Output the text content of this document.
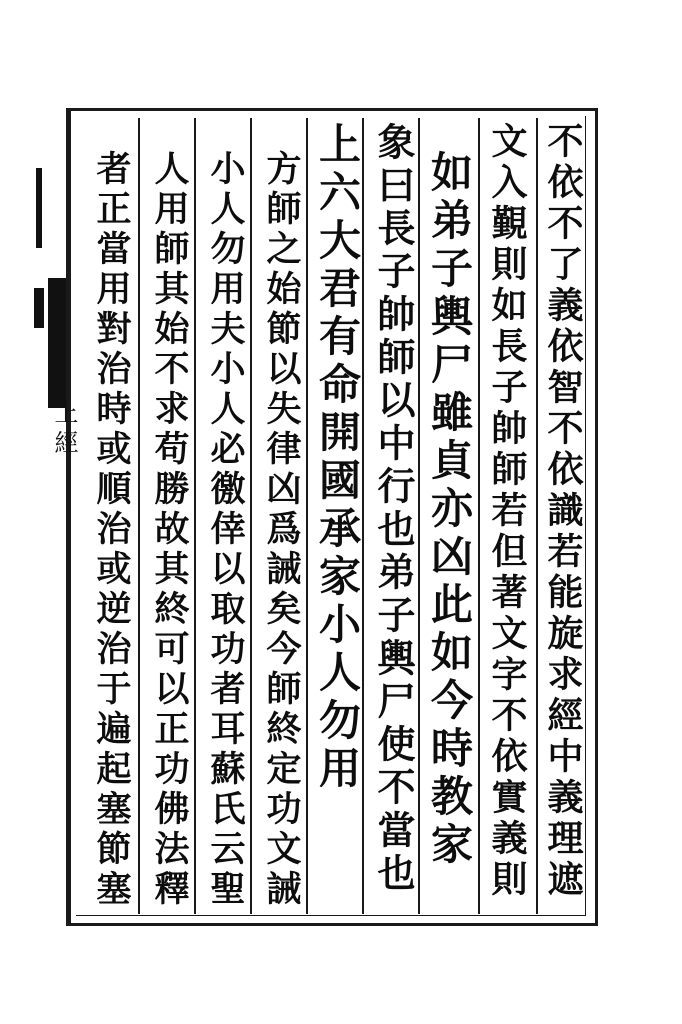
上經	不依不了義依智不依識若能旋求經中義理遮
文入覲則如長子帥師若但著文字不依實義則
如弟子輿尸雖貞亦凶此如今時教家
象曰長子帥師以中行也弟子輿尸使不當也
上六大君有命開國承家小人勿用
方師之始節以失律凶爲誡矣今師終定功文誡
小人勿用夫小人必徼倖以取功者耳蘇氏云聖
人用師其始不求苟勝故其終可以正功佛法釋
者正當用對治時或順治或逆治于遍起塞節塞
